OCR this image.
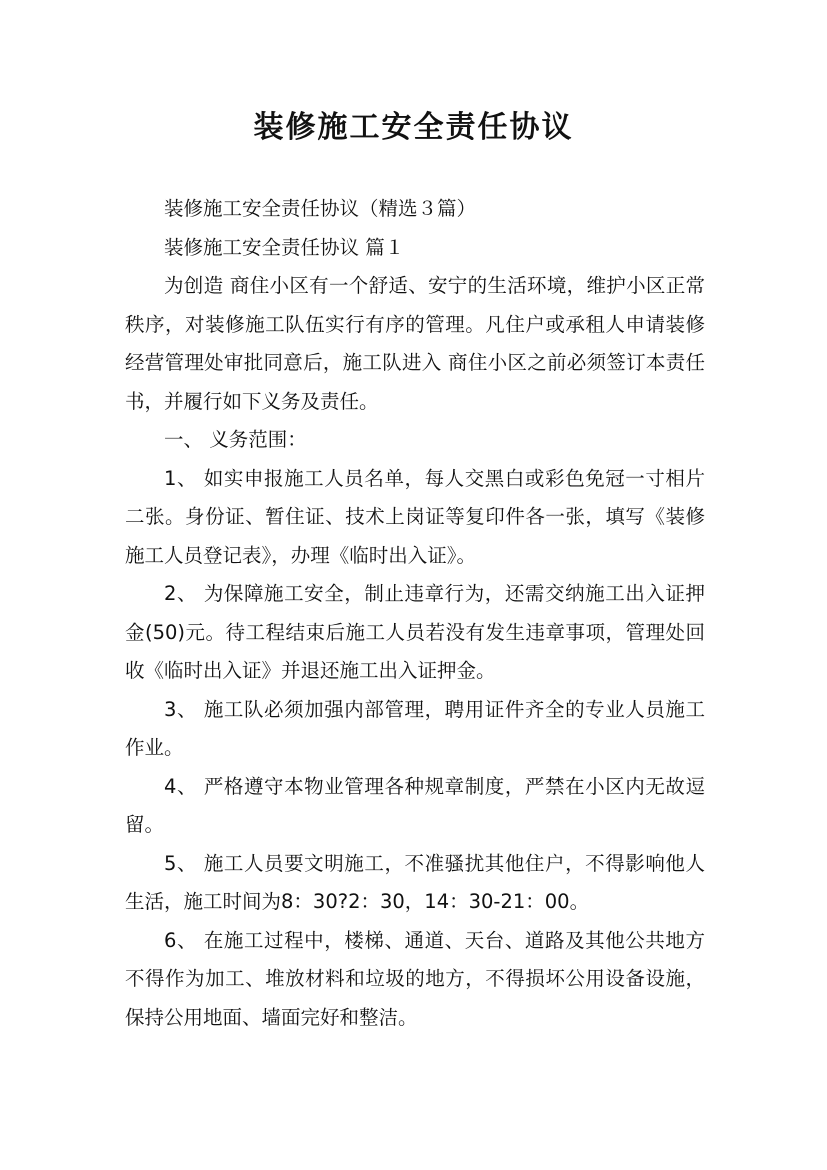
装修施工安全责任协议

装修施工安全责任协议（精选３篇）

装修施工安全责任协议 篇１

为创造 商住小区有一个舒适、安宁的生活环境，维护小区正常秩序，对装修施工队伍实行有序的管理。凡住户或承租人申请装修经营管理处审批同意后，施工队进入 商住小区之前必须签订本责任书，并履行如下义务及责任。

一、 义务范围：

1、 如实申报施工人员名单，每人交黑白或彩色免冠一寸相片二张。身份证、暂住证、技术上岗证等复印件各一张，填写《装修施工人员登记表》，办理《临时出入证》。

2、 为保障施工安全，制止违章行为，还需交纳施工出入证押金(50)元。待工程结束后施工人员若没有发生违章事项，管理处回收《临时出入证》并退还施工出入证押金。

3、 施工队必须加强内部管理，聘用证件齐全的专业人员施工作业。

4、 严格遵守本物业管理各种规章制度，严禁在小区内无故逗留。

5、 施工人员要文明施工，不准骚扰其他住户，不得影响他人生活，施工时间为8：30?2：30，14：30-21：00。

6、 在施工过程中，楼梯、通道、天台、道路及其他公共地方不得作为加工、堆放材料和垃圾的地方，不得损坏公用设备设施，保持公用地面、墙面完好和整洁。
